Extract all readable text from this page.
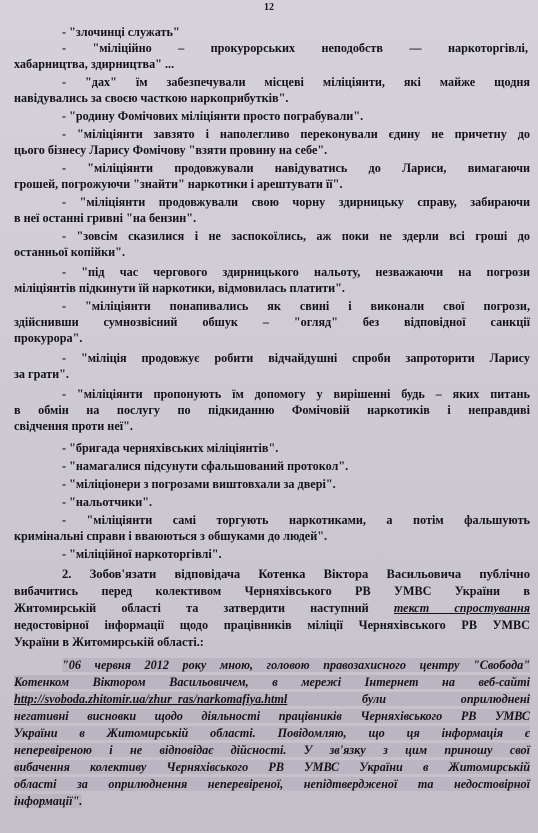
12
- "злочинці служать"
- "міліційно – прокурорських неподобств — наркоторгівлі,
хабарництва, здирництва" ...
- "дах" їм забезпечували місцеві міліціянти, які майже щодня
навідувались за своєю часткою наркоприбутків".
- "родину Фомічових міліціянти просто пограбували".
- "міліціянти завзято і наполегливо переконували єдину не причетну до
цього бізнесу Ларису Фомічову "взяти провину на себе".
- "міліціянти продовжували навідуватись до Лариси, вимагаючи
грошей, погрожуючи "знайти" наркотики і арештувати її".
- "міліціянти продовжували свою чорну здирницьку справу, забираючи
в неї останні гривні "на бензин".
- "зовсім сказилися і не заспокоїлись, аж поки не здерли всі гроші до
останньої копійки".
- "під час чергового здирницького нальоту, незважаючи на погрози
міліціянтів підкинути їй наркотики, відмовилась платити".
- "міліціянти понапивались як свині і виконали свої погрози,
здійснивши сумнозвісний обшук – "огляд" без відповідної санкції
прокурора".
- "міліція продовжує робити відчайдушні спроби запроторити Ларису
за грати".
- "міліціянти пропонують їм допомогу у вирішенні будь – яких питань
в обмін на послугу по підкиданню Фомічовій наркотиків і неправдиві
свідчення проти неї".
- "бригада черняхівських міліціянтів".
- "намагалися підсунути сфальшований протокол".
- "міліціонери з погрозами виштовхали за двері".
- "нальотчики".
- "міліціянти самі торгують наркотиками, а потім фальшують
кримінальні справи і вваюються з обшуками до людей".
- "міліційної наркоторгівлі".
2. Зобов'язати відповідача Котенка Віктора Васильовича публічно
вибачитись перед колективом Черняхівського РВ УМВС України в
Житомирській області та затвердити наступний текст спростування
недостовірної інформації щодо працівників міліції Черняхівського РВ УМВС
України в Житомирській області.:
"06 червня 2012 року мною, головою правозахисного центру "Свобода"
Котенком Віктором Васильовичем, в мережі Інтернет на веб-сайті
http://svoboda.zhitomir.ua/zhur_ras/narkomafiya.html	були оприлюднені
негативні висновки щодо діяльності працівників Черняхівського РВ УМВС
України в Житомирській області. Повідомляю, що ця інформація є
неперевіреною і не відповідає дійсності. У зв'язку з цим приношу свої
вибачення колективу Черняхівського РВ УМВС України в Житомирській
області за оприлюднення неперевіреної, непідтвердженої та недостовірної
інформації".
